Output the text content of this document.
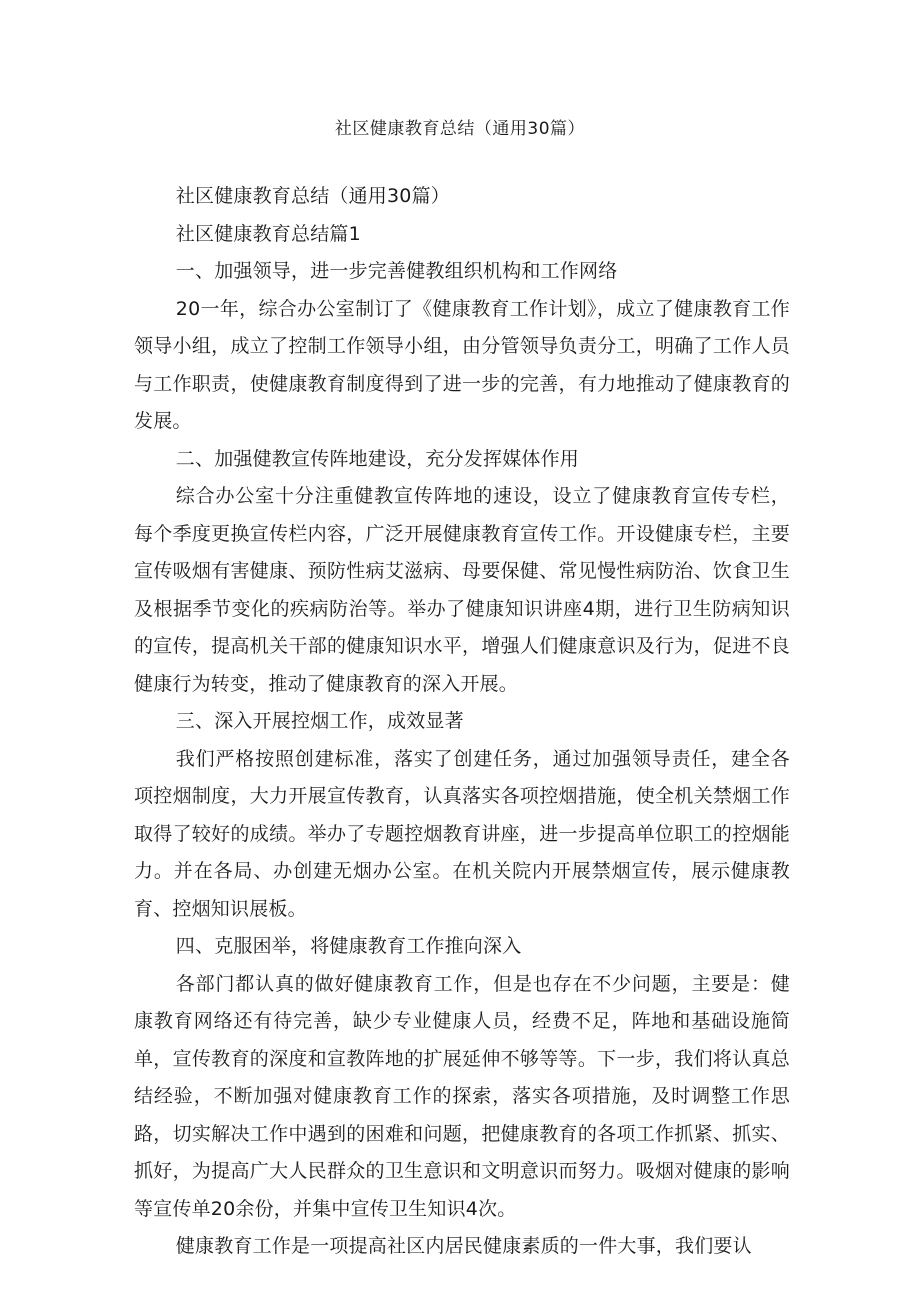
社区健康教育总结（通用30篇）

社区健康教育总结（通用30篇）

社区健康教育总结篇1

一、加强领导，进一步完善健教组织机构和工作网络

20一年，综合办公室制订了《健康教育工作计划》，成立了健康教育工作领导小组，成立了控制工作领导小组，由分管领导负责分工，明确了工作人员与工作职责，使健康教育制度得到了进一步的完善，有力地推动了健康教育的发展。

二、加强健教宣传阵地建设，充分发挥媒体作用

综合办公室十分注重健教宣传阵地的速设，设立了健康教育宣传专栏，每个季度更换宣传栏内容，广泛开展健康教育宣传工作。开设健康专栏，主要宣传吸烟有害健康、预防性病艾滋病、母要保健、常见慢性病防治、饮食卫生及根据季节变化的疾病防治等。举办了健康知识讲座4期，进行卫生防病知识的宣传，提高机关干部的健康知识水平，增强人们健康意识及行为，促进不良健康行为转变，推动了健康教育的深入开展。

三、深入开展控烟工作，成效显著

我们严格按照创建标准，落实了创建任务，通过加强领导责任，建全各项控烟制度，大力开展宣传教育，认真落实各项控烟措施，使全机关禁烟工作取得了较好的成绩。举办了专题控烟教育讲座，进一步提高单位职工的控烟能力。并在各局、办创建无烟办公室。在机关院内开展禁烟宣传，展示健康教育、控烟知识展板。

四、克服困举，将健康教育工作推向深入

各部门都认真的做好健康教育工作，但是也存在不少问题，主要是：健康教育网络还有待完善，缺少专业健康人员，经费不足，阵地和基础设施简单，宣传教育的深度和宣教阵地的扩展延伸不够等等。下一步，我们将认真总结经验，不断加强对健康教育工作的探索，落实各项措施，及时调整工作思路，切实解决工作中遇到的困难和问题，把健康教育的各项工作抓紧、抓实、抓好，为提高广大人民群众的卫生意识和文明意识而努力。吸烟对健康的影响等宣传单20余份，并集中宣传卫生知识4次。

健康教育工作是一项提高社区内居民健康素质的一件大事，我们要认
